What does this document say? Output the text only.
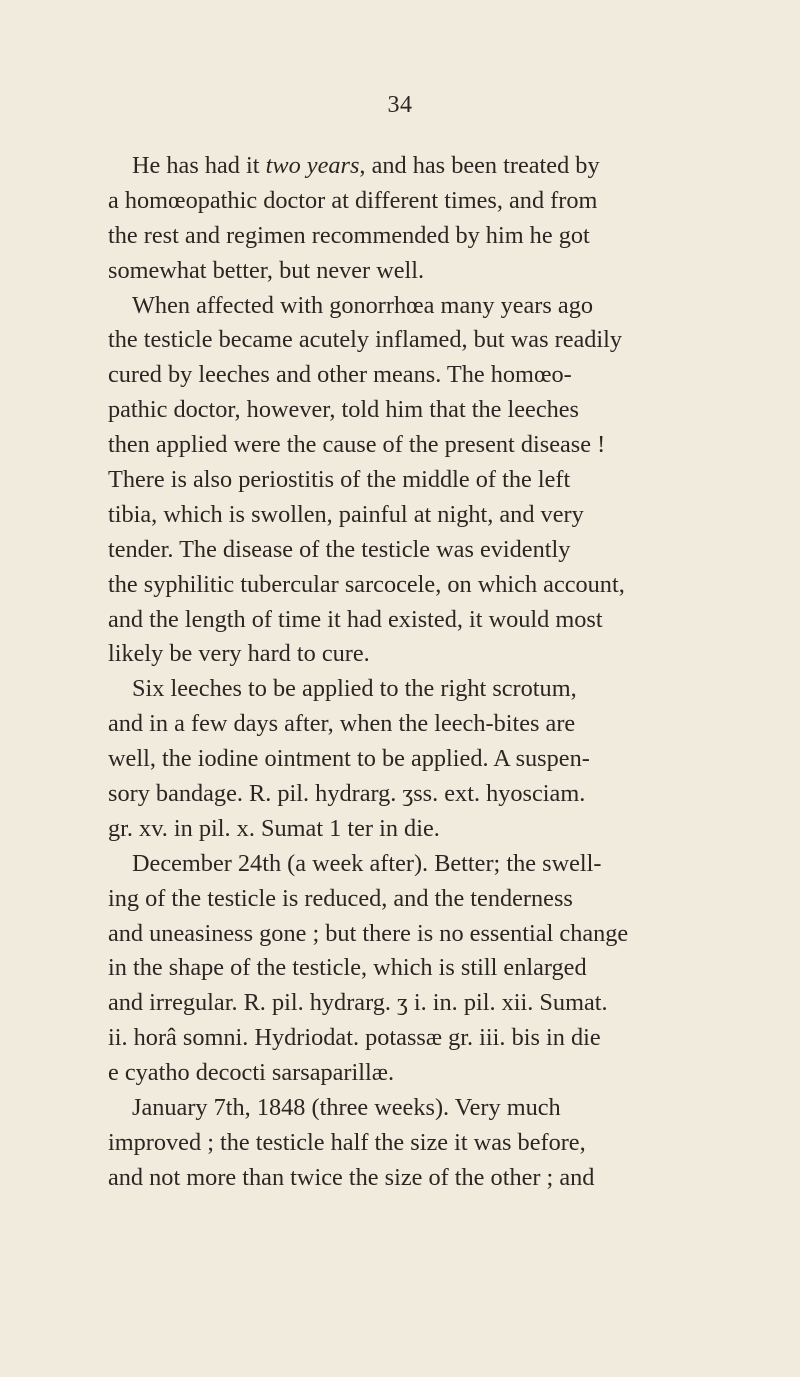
34
He has had it two years, and has been treated by
a homœopathic doctor at different times, and from
the rest and regimen recommended by him he got
somewhat better, but never well.
When affected with gonorrhœa many years ago
the testicle became acutely inflamed, but was readily
cured by leeches and other means. The homœo-
pathic doctor, however, told him that the leeches
then applied were the cause of the present disease !
There is also periostitis of the middle of the left
tibia, which is swollen, painful at night, and very
tender. The disease of the testicle was evidently
the syphilitic tubercular sarcocele, on which account,
and the length of time it had existed, it would most
likely be very hard to cure.
Six leeches to be applied to the right scrotum,
and in a few days after, when the leech-bites are
well, the iodine ointment to be applied. A suspen-
sory bandage. R. pil. hydrarg. ʒss. ext. hyosciam.
gr. xv. in pil. x. Sumat 1 ter in die.
December 24th (a week after). Better; the swell-
ing of the testicle is reduced, and the tenderness
and uneasiness gone ; but there is no essential change
in the shape of the testicle, which is still enlarged
and irregular. R. pil. hydrarg. ʒ i. in. pil. xii. Sumat.
ii. horâ somni. Hydriodat. potassæ gr. iii. bis in die
e cyatho decocti sarsaparillæ.
January 7th, 1848 (three weeks). Very much
improved ; the testicle half the size it was before,
and not more than twice the size of the other ; and
